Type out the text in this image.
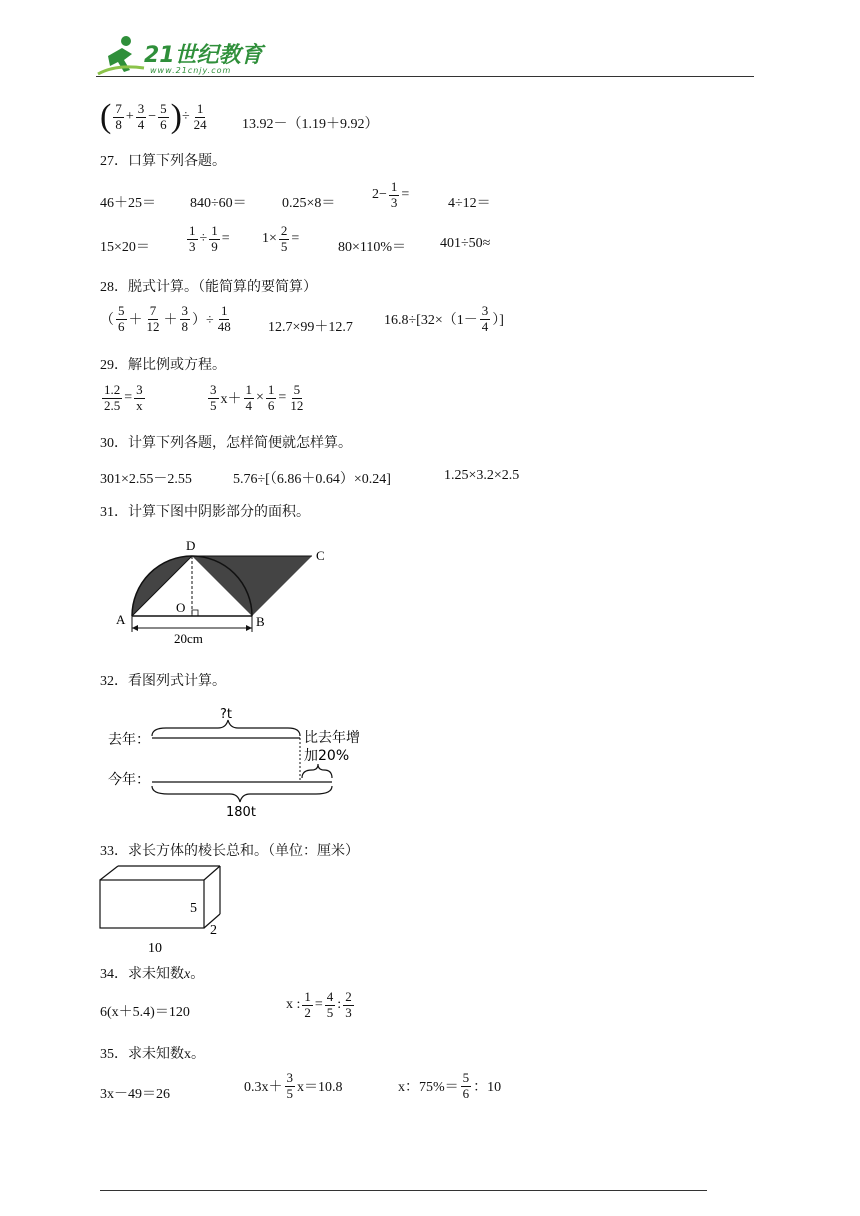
21世纪教育
www.21cnjy.com
( $\frac{7}{8} + \frac{3}{4} - \frac{5}{6}$ ) ÷ $\frac{1}{24} 13.92-(1.19+9.92)$
27．口算下列各题。
46＋25＝ 840÷60＝	0.25×8＝
$2- \frac{1}{3}$ =
4÷12＝
15×20＝	$\frac{1}{3} \div \frac{1}{9} = 1\times \frac{2}{5}$ =
80×110%＝ 401÷50≈
28．脱式计算。（能简算的要简算）
（ $\frac{5}{6} + \frac{7}{12} + \frac{3}{8}$ ）÷ $\frac{1}{48}$	12.7×99＋12.7 $16.8\div[32\times(1- \frac{3}{4}$ ）]
29．解比例或方程。
$\frac{1.2}{2.5} = \frac{3}{x}$	$\frac{3}{5} x+ \frac{1}{4} \times \frac{1}{6} = \frac{5}{12}$
30．计算下列各题，怎样简便就怎样算。
301×2.55－2.55	5.76÷[（6.86＋0.64）×0.24]	1.25×3.2×2.5
31．计算下图中阴影部分的面积。
A	B
C
D
O
20cm
32．看图列式计算。
?t
去年：	比去年增
加20%
今年：
180t
33．求长方体的棱长总和。（单位：厘米）
5
2
10
34．求未知数x。
6(x＋5.4)＝120
x : $\frac{1}{2} = \frac{4}{5}$ : $\frac{2}{3}$
35．求未知数x。
3x－49＝26	$0.3x+ \frac{3}{5} x=10.8$	x：$75\%= \frac{5}{6}$ ：10
